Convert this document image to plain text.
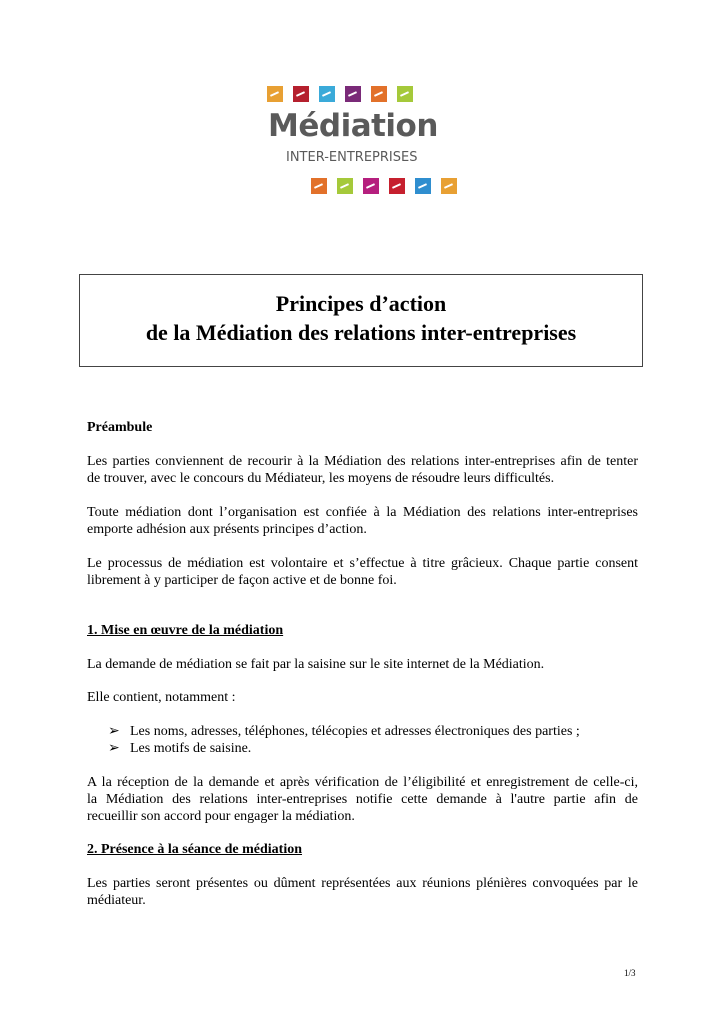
Médiation
INTER-ENTREPRISES
Principes d’action
de la Médiation des relations inter-entreprises
Préambule
Les parties conviennent de recourir à la Médiation des relations inter-entreprises afin de tenter
de trouver, avec le concours du Médiateur, les moyens de résoudre leurs difficultés.
Toute médiation dont l’organisation est confiée à la Médiation des relations inter-entreprises
emporte adhésion aux présents principes d’action.
Le processus de médiation est volontaire et s’effectue à titre grâcieux. Chaque partie consent
librement à y participer de façon active et de bonne foi.
1. Mise en œuvre de la médiation
La demande de médiation se fait par la saisine sur le site internet de la Médiation.
Elle contient, notamment :
➢ Les noms, adresses, téléphones, télécopies et adresses électroniques des parties ;
➢ Les motifs de saisine.
A la réception de la demande et après vérification de l’éligibilité et enregistrement de celle-ci,
la Médiation des relations inter-entreprises notifie cette demande à l'autre partie afin de
recueillir son accord pour engager la médiation.
2. Présence à la séance de médiation
Les parties seront présentes ou dûment représentées aux réunions plénières convoquées par le
médiateur.
1/3
